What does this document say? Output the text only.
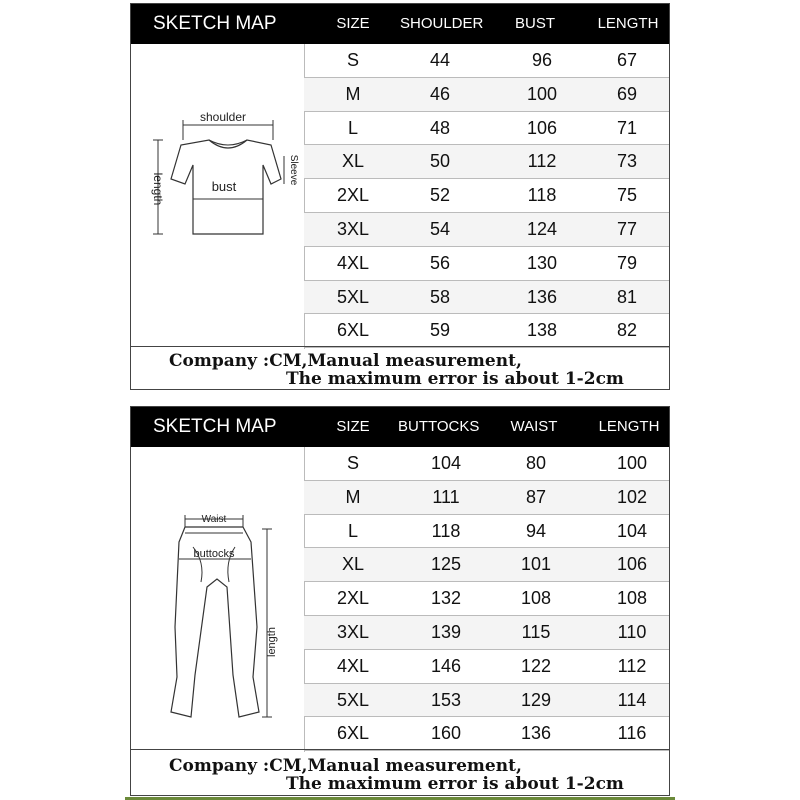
SKETCH MAP	SIZE	SHOULDER	BUST	LENGTH
shoulder
bust
length
Sleeve
S	44	96	67
M	46	100	69
L	48	106	71
XL	50	112	73
2XL	52	118	75
3XL	54	124	77
4XL	56	130	79
5XL	58	136	81
6XL	59	138	82
Company :CM,Manual measurement,
The maximum error is about 1-2cm
SKETCH MAP	SIZE	BUTTOCKS	WAIST	LENGTH
Waist
buttocks
length
S	104	80	100
M	111	87	102
L	118	94	104
XL	125	101	106
2XL	132	108	108
3XL	139	115	110
4XL	146	122	112
5XL	153	129	114
6XL	160	136	116
Company :CM,Manual measurement,
The maximum error is about 1-2cm
